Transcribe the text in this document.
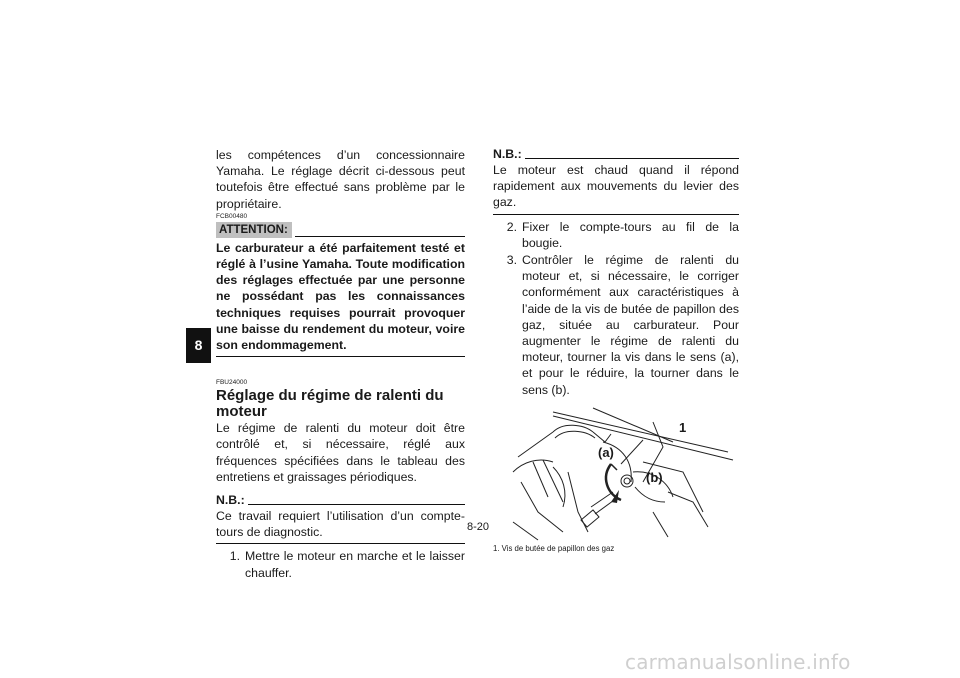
8

les compétences d’un concessionnaire Yamaha. Le réglage décrit ci-dessous peut toutefois être effectué sans problème par le propriétaire.

FCB00480
ATTENTION:

Le carburateur a été parfaitement testé et réglé à l’usine Yamaha. Toute modification des réglages effectuée par une personne ne possédant pas les connaissances techniques requises pourrait provoquer une baisse du rendement du moteur, voire son endommagement.

FBU24000
Réglage du régime de ralenti du moteur

Le régime de ralenti du moteur doit être contrôlé et, si nécessaire, réglé aux fréquences spécifiées dans le tableau des entretiens et graissages périodiques.

N.B.:

Ce travail requiert l’utilisation d’un compte-tours de diagnostic.

1. Mettre le moteur en marche et le laisser chauffer.
N.B.:

Le moteur est chaud quand il répond rapidement aux mouvements du levier des gaz.

2. Fixer le compte-tours au fil de la bougie.
3. Contrôler le régime de ralenti du moteur et, si nécessaire, le corriger conformément aux caractéristiques à l’aide de la vis de butée de papillon des gaz, située au carburateur. Pour augmenter le régime de ralenti du moteur, tourner la vis dans le sens (a), et pour le réduire, la tourner dans le sens (b).
1
(a)
(b)
1. Vis de butée de papillon des gaz
8-20
carmanualsonline.info
